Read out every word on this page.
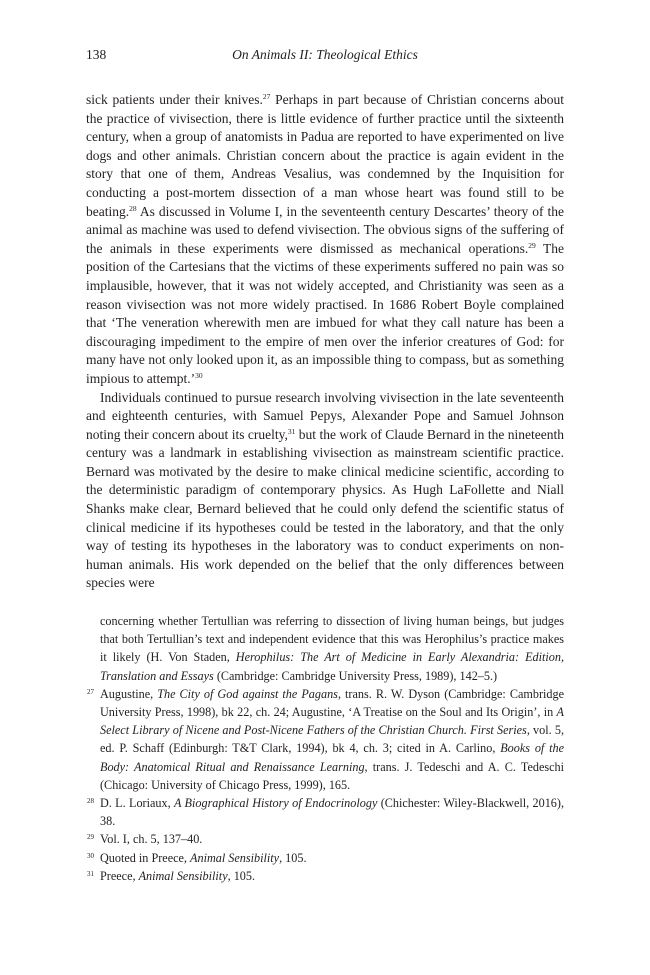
138	On Animals II: Theological Ethics

sick patients under their knives.$^{27}$ Perhaps in part because of Christian concerns about the practice of vivisection, there is little evidence of further practice until the sixteenth century, when a group of anatomists in Padua are reported to have experimented on live dogs and other animals. Christian concern about the practice is again evident in the story that one of them, Andreas Vesalius, was condemned by the Inquisition for conducting a post-mortem dissection of a man whose heart was found still to be beating.$^{28}$ As discussed in Volume I, in the seventeenth century Descartes’ theory of the animal as machine was used to defend vivisection. The obvious signs of the suffering of the animals in these experiments were dismissed as mechanical operations.$^{29}$ The position of the Cartesians that the victims of these experiments suffered no pain was so implausible, however, that it was not widely accepted, and Christianity was seen as a reason vivisection was not more widely practised. In 1686 Robert Boyle complained that ‘The veneration wherewith men are imbued for what they call nature has been a discouraging impediment to the empire of men over the inferior creatures of God: for many have not only looked upon it, as an impossible thing to compass, but as something impious to attempt.’$^{30}$

Individuals continued to pursue research involving vivisection in the late seventeenth and eighteenth centuries, with Samuel Pepys, Alexander Pope and Samuel Johnson noting their concern about its cruelty,$^{31}$ but the work of Claude Bernard in the nineteenth century was a landmark in establishing vivisection as mainstream scientific practice. Bernard was motivated by the desire to make clinical medicine scientific, according to the deterministic paradigm of contemporary physics. As Hugh LaFollette and Niall Shanks make clear, Bernard believed that he could only defend the scientific status of clinical medicine if its hypotheses could be tested in the laboratory, and that the only way of testing its hypotheses in the laboratory was to conduct experiments on non-human animals. His work depended on the belief that the only differences between species were

concerning whether Tertullian was referring to dissection of living human beings, but judges that both Tertullian’s text and independent evidence that this was Herophilus’s practice makes it likely (H. Von Staden, Herophilus: The Art of Medicine in Early Alexandria: Edition, Translation and Essays (Cambridge: Cambridge University Press, 1989), 142–5.)

27 Augustine, The City of God against the Pagans, trans. R. W. Dyson (Cambridge: Cambridge University Press, 1998), bk 22, ch. 24; Augustine, ‘A Treatise on the Soul and Its Origin’, in A Select Library of Nicene and Post-Nicene Fathers of the Christian Church. First Series, vol. 5, ed. P. Schaff (Edinburgh: T&T Clark, 1994), bk 4, ch. 3; cited in A. Carlino, Books of the Body: Anatomical Ritual and Renaissance Learning, trans. J. Tedeschi and A. C. Tedeschi (Chicago: University of Chicago Press, 1999), 165.

28 D. L. Loriaux, A Biographical History of Endocrinology (Chichester: Wiley-Blackwell, 2016), 38.

29 Vol. I, ch. 5, 137–40.

30 Quoted in Preece, Animal Sensibility, 105.

31 Preece, Animal Sensibility, 105.
